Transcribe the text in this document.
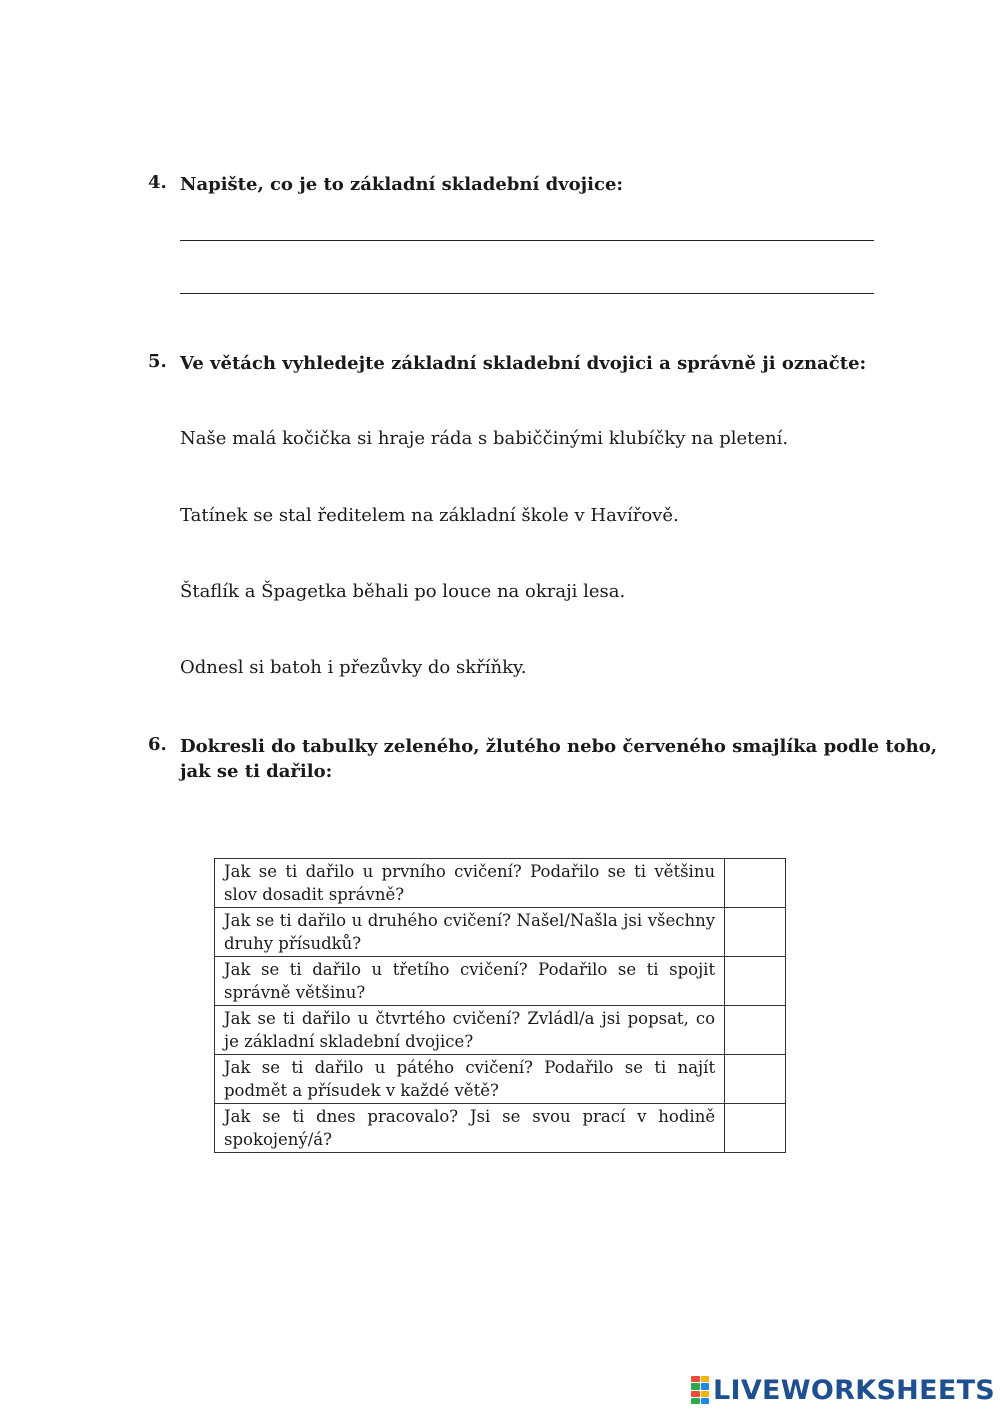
4. Napište, co je to základní skladební dvojice:
5. Ve větách vyhledejte základní skladební dvojici a správně ji označte:
Naše malá kočička si hraje ráda s babiččinými klubíčky na pletení.
Tatínek se stal ředitelem na základní škole v Havířově.
Štaflík a Špagetka běhali po louce na okraji lesa.
Odnesl si batoh i přezůvky do skříňky.
6. Dokresli do tabulky zeleného, žlutého nebo červeného smajlíka podle toho,
jak se ti dařilo:
Jak se ti dařilo u prvního cvičení? Podařilo se ti většinu slov dosadit správně?	
Jak se ti dařilo u druhého cvičení? Našel/Našla jsi všechny druhy přísudků?	
Jak se ti dařilo u třetího cvičení? Podařilo se ti spojit správně většinu?	
Jak se ti dařilo u čtvrtého cvičení? Zvládl/a jsi popsat, co je základní skladební dvojice?	
Jak se ti dařilo u pátého cvičení? Podařilo se ti najít podmět a přísudek v každé větě?	
Jak se ti dnes pracovalo? Jsi se svou prací v hodině spokojený/á?	
LIVEWORKSHEETS
